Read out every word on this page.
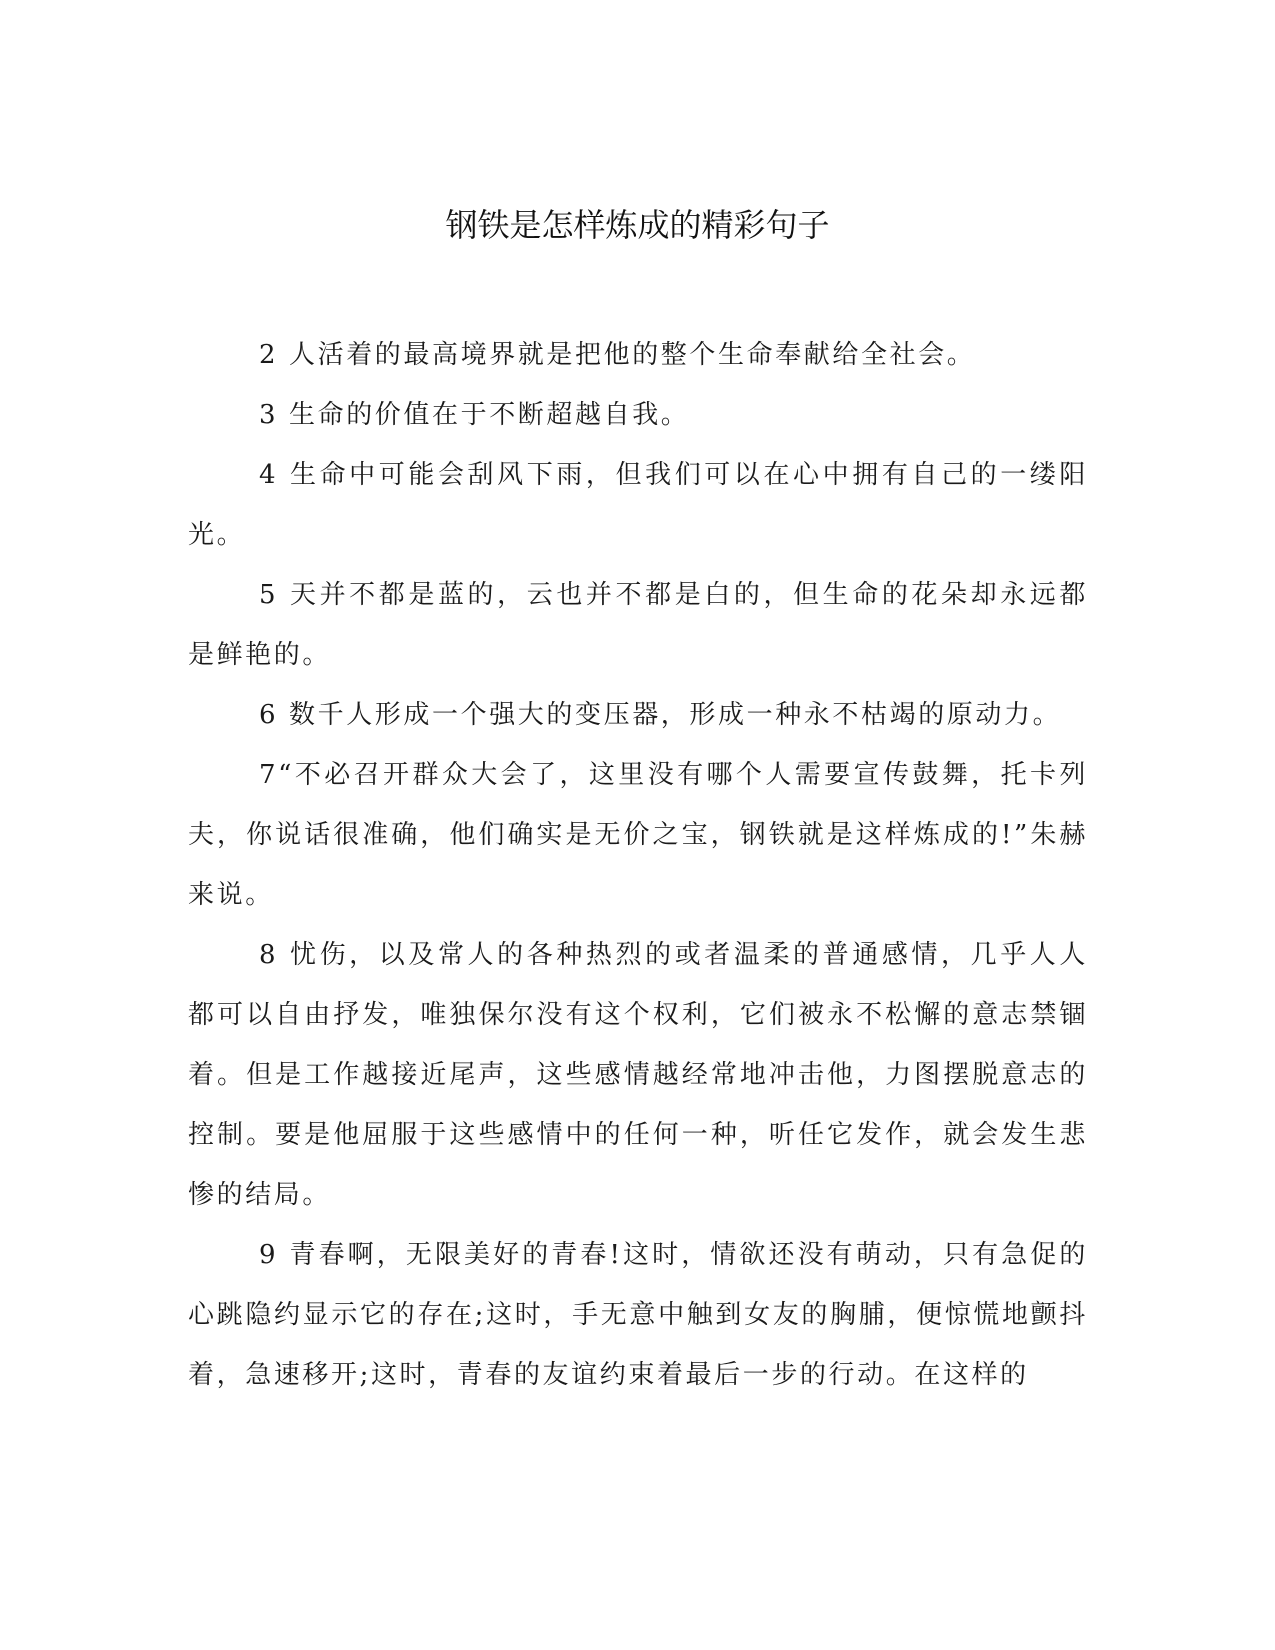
钢铁是怎样炼成的精彩句子

2 人活着的最高境界就是把他的整个生命奉献给全社会。

3 生命的价值在于不断超越自我。

4 生命中可能会刮风下雨，但我们可以在心中拥有自己的一缕阳光。

5 天并不都是蓝的，云也并不都是白的，但生命的花朵却永远都是鲜艳的。

6 数千人形成一个强大的变压器，形成一种永不枯竭的原动力。

7“不必召开群众大会了，这里没有哪个人需要宣传鼓舞，托卡列夫，你说话很准确，他们确实是无价之宝，钢铁就是这样炼成的!”朱赫来说。

8 忧伤，以及常人的各种热烈的或者温柔的普通感情，几乎人人都可以自由抒发，唯独保尔没有这个权利，它们被永不松懈的意志禁锢着。但是工作越接近尾声，这些感情越经常地冲击他，力图摆脱意志的控制。要是他屈服于这些感情中的任何一种，听任它发作，就会发生悲惨的结局。

9 青春啊，无限美好的青春!这时，情欲还没有萌动，只有急促的心跳隐约显示它的存在;这时，手无意中触到女友的胸脯，便惊慌地颤抖着，急速移开;这时，青春的友谊约束着最后一步的行动。在这样的
